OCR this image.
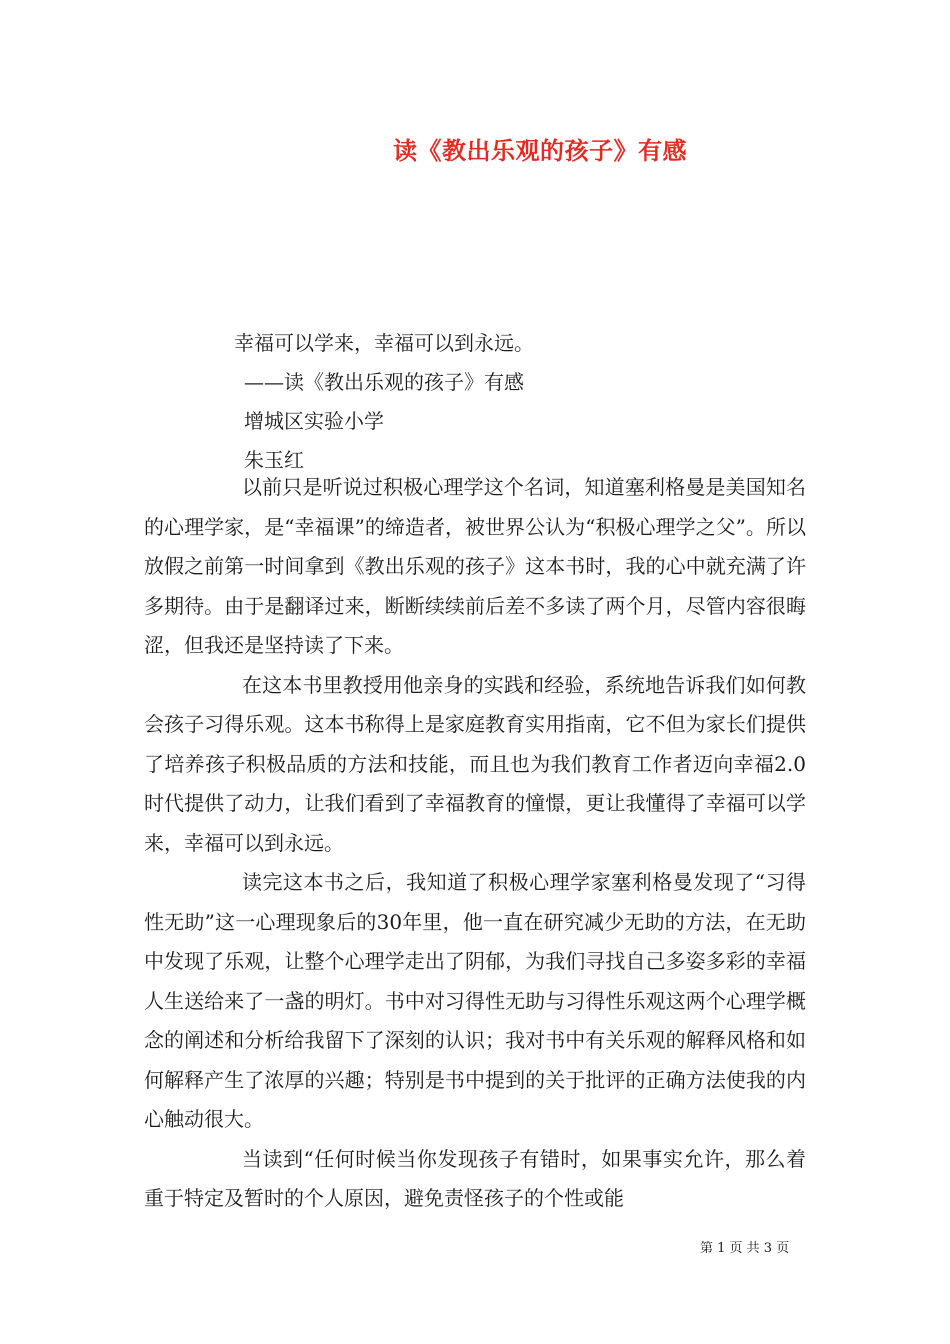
读《教出乐观的孩子》有感
幸福可以学来，幸福可以到永远。
——读《教出乐观的孩子》有感
增城区实验小学
朱玉红

以前只是听说过积极心理学这个名词，知道塞利格曼是美国知名的心理学家，是“幸福课”的缔造者，被世界公认为“积极心理学之父”。所以放假之前第一时间拿到《教出乐观的孩子》这本书时，我的心中就充满了许多期待。由于是翻译过来，断断续续前后差不多读了两个月，尽管内容很晦涩，但我还是坚持读了下来。

在这本书里教授用他亲身的实践和经验，系统地告诉我们如何教会孩子习得乐观。这本书称得上是家庭教育实用指南，它不但为家长们提供了培养孩子积极品质的方法和技能，而且也为我们教育工作者迈向幸福2.0时代提供了动力，让我们看到了幸福教育的憧憬，更让我懂得了幸福可以学来，幸福可以到永远。

读完这本书之后，我知道了积极心理学家塞利格曼发现了“习得性无助”这一心理现象后的30年里，他一直在研究减少无助的方法，在无助中发现了乐观，让整个心理学走出了阴郁，为我们寻找自己多姿多彩的幸福人生送给来了一盏的明灯。书中对习得性无助与习得性乐观这两个心理学概念的阐述和分析给我留下了深刻的认识；我对书中有关乐观的解释风格和如何解释产生了浓厚的兴趣；特别是书中提到的关于批评的正确方法使我的内心触动很大。

当读到“任何时候当你发现孩子有错时，如果事实允许，那么着重于特定及暂时的个人原因，避免责怪孩子的个性或能

第 1 页 共 3 页
